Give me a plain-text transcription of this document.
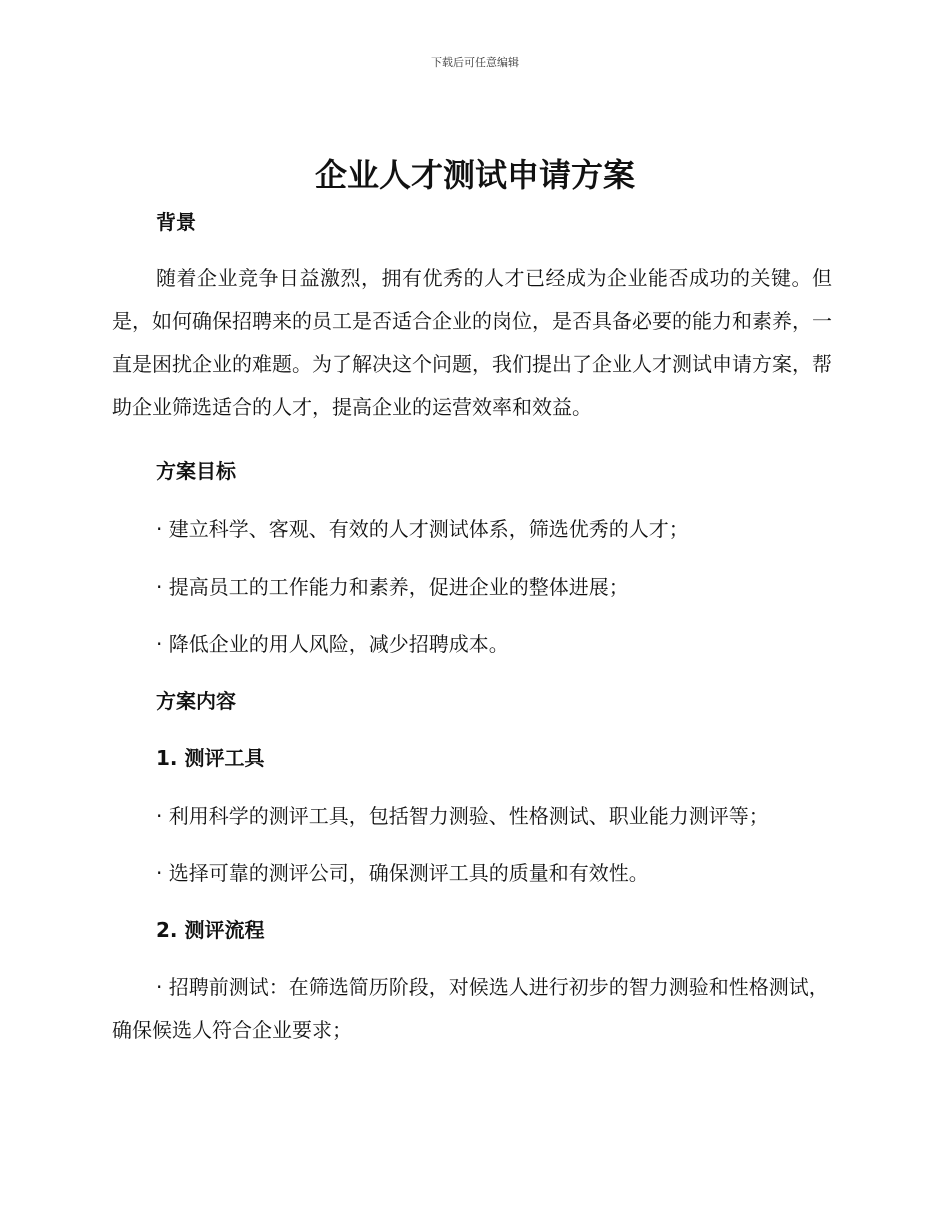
下载后可任意编辑
企业人才测试申请方案

背景

随着企业竞争日益激烈，拥有优秀的人才已经成为企业能否成功的关键。但是，如何确保招聘来的员工是否适合企业的岗位，是否具备必要的能力和素养，一直是困扰企业的难题。为了解决这个问题，我们提出了企业人才测试申请方案，帮助企业筛选适合的人才，提高企业的运营效率和效益。

方案目标

· 建立科学、客观、有效的人才测试体系，筛选优秀的人才；

· 提高员工的工作能力和素养，促进企业的整体进展；

· 降低企业的用人风险，减少招聘成本。

方案内容

1. 测评工具

· 利用科学的测评工具，包括智力测验、性格测试、职业能力测评等；

· 选择可靠的测评公司，确保测评工具的质量和有效性。

2. 测评流程

· 招聘前测试：在筛选简历阶段，对候选人进行初步的智力测验和性格测试，确保候选人符合企业要求；
